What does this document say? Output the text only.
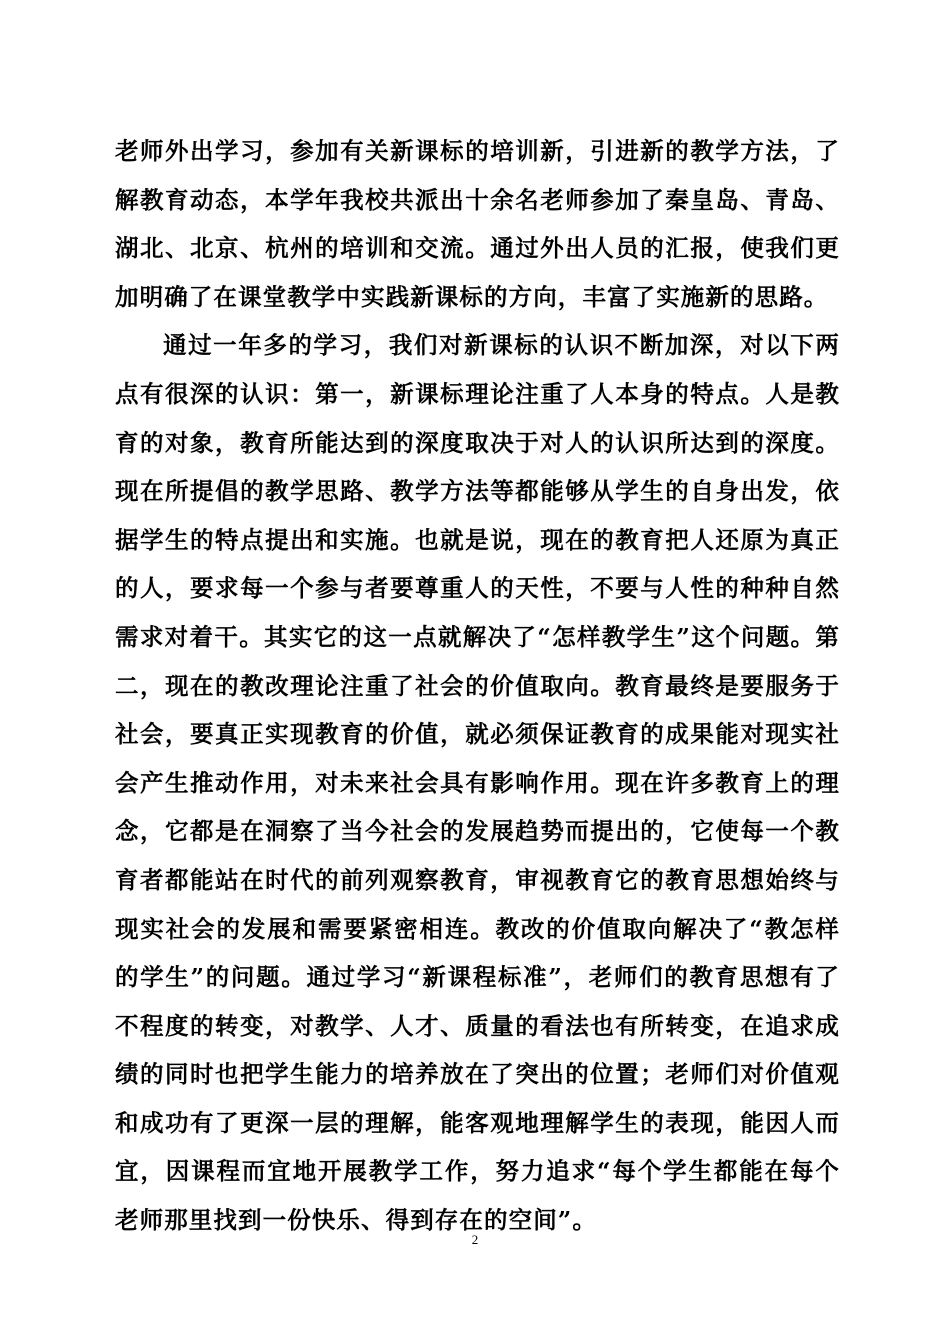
老师外出学习，参加有关新课标的培训新，引进新的教学方法，了解教育动态，本学年我校共派出十余名老师参加了秦皇岛、青岛、湖北、北京、杭州的培训和交流。通过外出人员的汇报，使我们更加明确了在课堂教学中实践新课标的方向，丰富了实施新的思路。

通过一年多的学习，我们对新课标的认识不断加深，对以下两点有很深的认识：第一，新课标理论注重了人本身的特点。人是教育的对象，教育所能达到的深度取决于对人的认识所达到的深度。现在所提倡的教学思路、教学方法等都能够从学生的自身出发，依据学生的特点提出和实施。也就是说，现在的教育把人还原为真正的人，要求每一个参与者要尊重人的天性，不要与人性的种种自然需求对着干。其实它的这一点就解决了“怎样教学生”这个问题。第二，现在的教改理论注重了社会的价值取向。教育最终是要服务于社会，要真正实现教育的价值，就必须保证教育的成果能对现实社会产生推动作用，对未来社会具有影响作用。现在许多教育上的理念，它都是在洞察了当今社会的发展趋势而提出的，它使每一个教育者都能站在时代的前列观察教育，审视教育它的教育思想始终与现实社会的发展和需要紧密相连。教改的价值取向解决了“教怎样的学生”的问题。通过学习“新课程标准”，老师们的教育思想有了不程度的转变，对教学、人才、质量的看法也有所转变，在追求成绩的同时也把学生能力的培养放在了突出的位置；老师们对价值观和成功有了更深一层的理解，能客观地理解学生的表现，能因人而宜，因课程而宜地开展教学工作，努力追求“每个学生都能在每个老师那里找到一份快乐、得到存在的空间”。

2
